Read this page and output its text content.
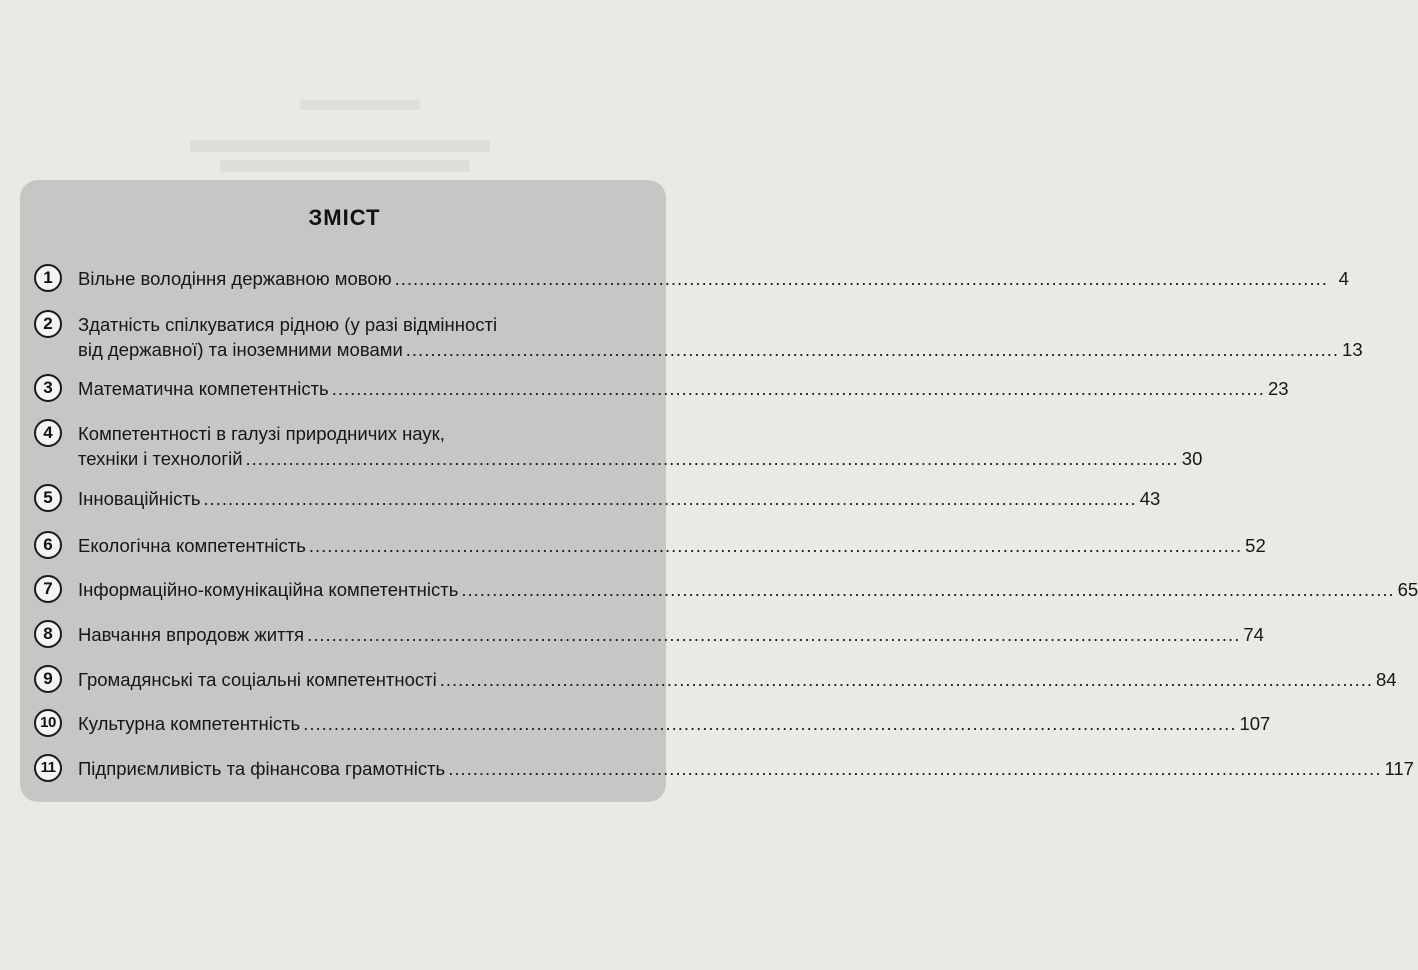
ЗМІСТ
1	Вільне володіння державною мовою ........................................................................................................................................................ 4
2	Здатність спілкуватися рідною (у разі відмінності
від державної) та іноземними мовами ........................................................................................................................................................ 13
3	Математична компетентність ........................................................................................................................................................ 23
4	Компетентності в галузі природничих наук,
техніки і технологій ........................................................................................................................................................ 30
5	Інноваційність ........................................................................................................................................................ 43
6	Екологічна компетентність ........................................................................................................................................................ 52
7	Інформаційно-комунікаційна компетентність ........................................................................................................................................................ 65
8	Навчання впродовж життя ........................................................................................................................................................ 74
9	Громадянські та соціальні компетентності ........................................................................................................................................................ 84
10	Культурна компетентність ........................................................................................................................................................ 107
11	Підприємливість та фінансова грамотність ........................................................................................................................................................ 117
